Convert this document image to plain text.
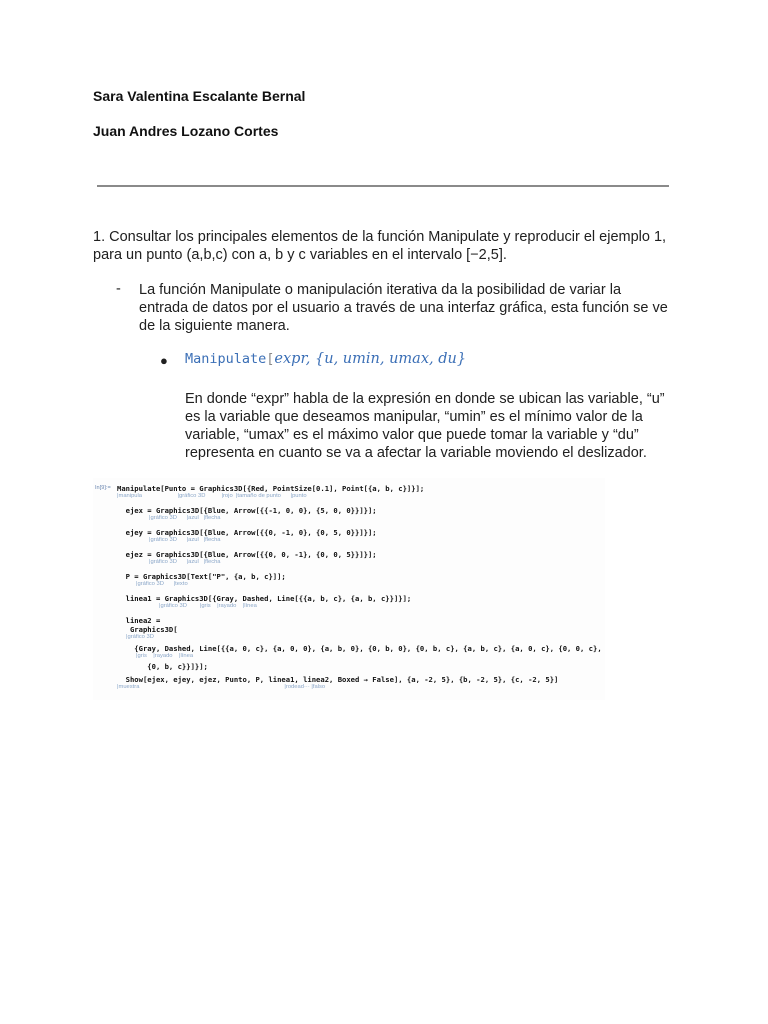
Sara Valentina Escalante Bernal
Juan Andres Lozano Cortes
1. Consultar los principales elementos de la función Manipulate y reproducir el ejemplo 1, para un punto (a,b,c) con a, b y c variables en el intervalo [−2,5].
- La función Manipulate o manipulación iterativa da la posibilidad de variar la entrada de datos por el usuario a través de una interfaz gráfica, esta función se ve de la siguiente manera.
● Manipulate[expr, {u, umin, umax, du}
En donde “expr” habla de la expresión en donde se ubican las variable, “u” es la variable que deseamos manipular, “umin” es el mínimo valor de la variable, “umax” es el máximo valor que puede tomar la variable y “du” representa en cuanto se va a afectar la variable moviendo el deslizador.
In[9]:= Manipulate[Punto = Graphics3D[{Red, PointSize[0.1], Point[{a, b, c}]}];
|manipula                      |gráfico 3D          |rojo  |tamaño de punto      |punto
ejex = Graphics3D[{Blue, Arrow[{{-1, 0, 0}, {5, 0, 0}}]}];
|gráfico 3D      |azul   |flecha
ejey = Graphics3D[{Blue, Arrow[{{0, -1, 0}, {0, 5, 0}}]}];
|gráfico 3D      |azul   |flecha
ejez = Graphics3D[{Blue, Arrow[{{0, 0, -1}, {0, 0, 5}}]}];
|gráfico 3D      |azul   |flecha
P = Graphics3D[Text["P", {a, b, c}]];
|gráfico 3D      |texto
linea1 = Graphics3D[{Gray, Dashed, Line[{{a, b, c}, {a, b, c}}]}];
|gráfico 3D        |gris    |rayado    |línea
linea2 =
Graphics3D[
|gráfico 3D
{Gray, Dashed, Line[{{a, 0, c}, {a, 0, 0}, {a, b, 0}, {0, b, 0}, {0, b, c}, {a, b, c}, {a, 0, c}, {0, 0, c},
|gris    |rayado    |línea
{0, b, c}}]}];
Show[ejex, ejey, ejez, Punto, P, linea1, linea2, Boxed → False], {a, -2, 5}, {b, -2, 5}, {c, -2, 5}]
|muestra                                                                                          |rodead··· |falso
